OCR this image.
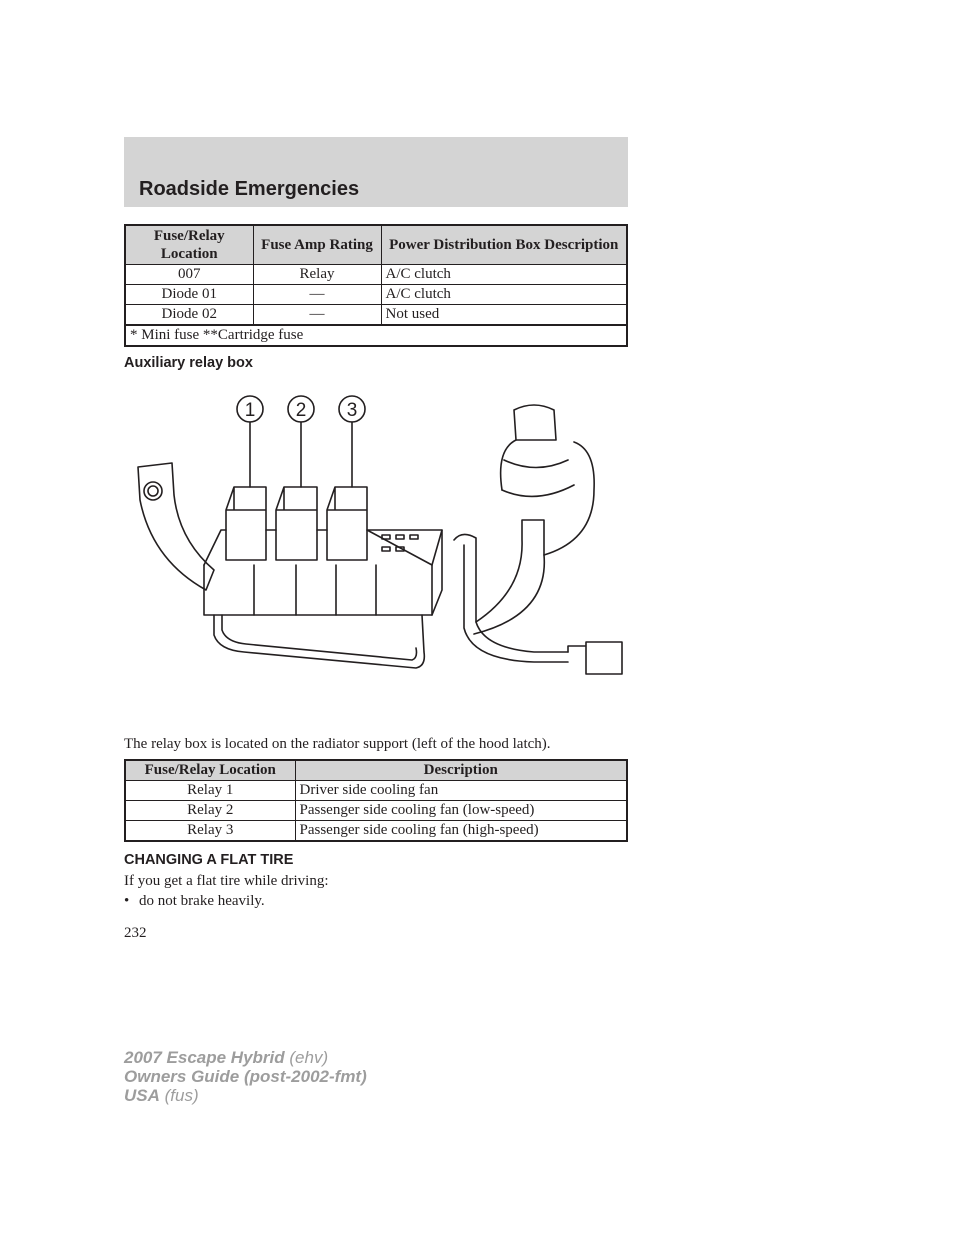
Roadside Emergencies
Fuse/Relay Location	Fuse Amp Rating	Power Distribution Box Description
007	Relay	A/C clutch
Diode 01	—	A/C clutch
Diode 02	—	Not used
* Mini fuse **Cartridge fuse		
Auxiliary relay box
1 2 3

The relay box is located on the radiator support (left of the hood latch).

Fuse/Relay Location	Description
Relay 1	Driver side cooling fan
Relay 2	Passenger side cooling fan (low-speed)
Relay 3	Passenger side cooling fan (high-speed)
CHANGING A FLAT TIRE

If you get a flat tire while driving:

• do not brake heavily.

232

2007 Escape Hybrid (ehv)
Owners Guide (post-2002-fmt)
USA (fus)
